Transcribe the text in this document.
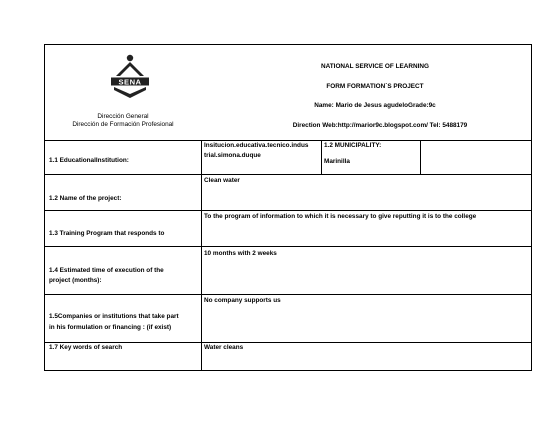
SENA
Dirección General
Dirección de Formación Profesional
NATIONAL SERVICE OF LEARNING
FORM FORMATION`S PROJECT
Name: Mario de Jesus agudeloGrade:9c
Direction Web:http://marior9c.blogspot.com/ Tel: 5488179
1.1 EducationalInstitution:
Insitucion.educativa.tecnico.indus
trial.simona.duque
1.2 MUNICIPALITY:
Marinilla
1.2 Name of the project:
Clean water
1.3 Training Program that responds to
To the program of information to which it is necessary to give reputting it is to the college
1.4 Estimated time of execution of the
project (months):
10 months with 2 weeks
1.5Companies or institutions that take part
in his formulation or financing : (if exist)
No company supports us
1.7 Key words of search	Water cleans
